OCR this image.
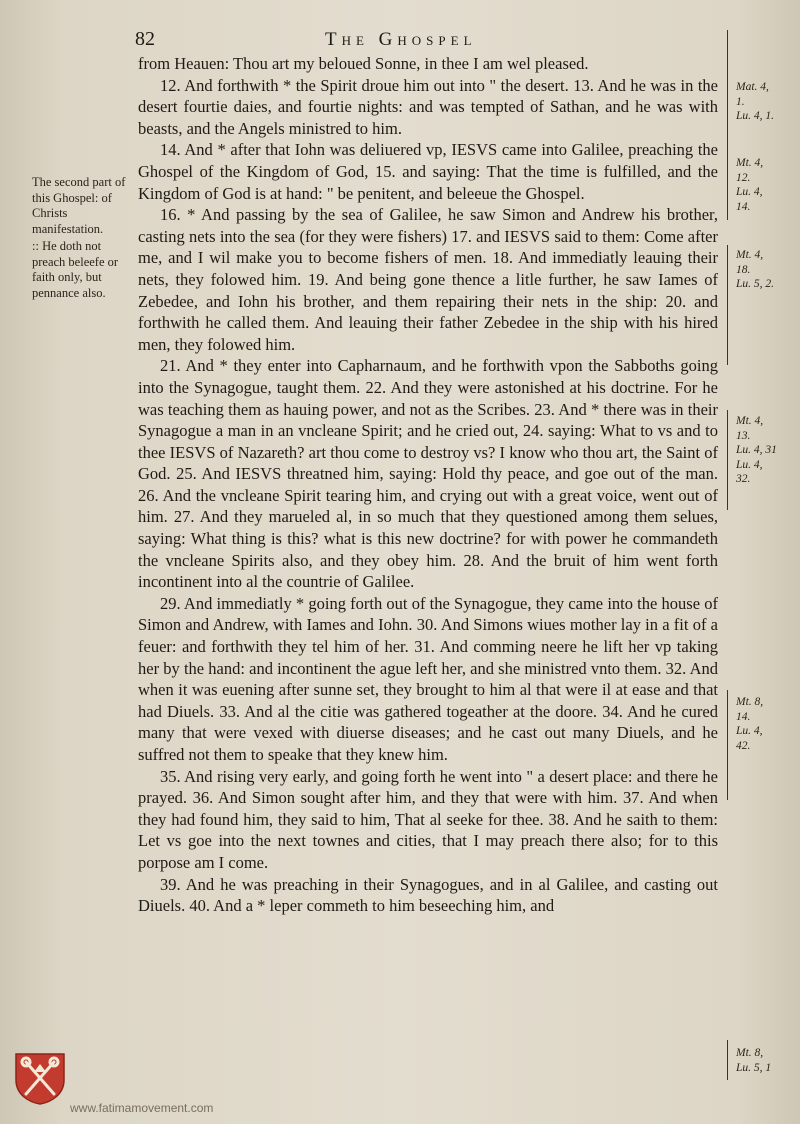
82	The Ghospel

The second part of this Ghospel: of Christs manifestation.

:: He doth not preach beleefe or faith only, but pennance also.

from Heauen: Thou art my beloued Sonne, in thee I am wel pleased.

12. And forthwith * the Spirit droue him out into " the desert. 13. And he was in the desert fourtie daies, and fourtie nights: and was tempted of Sathan, and he was with beasts, and the Angels ministred to him.

14. And * after that Iohn was deliuered vp, IESVS came into Galilee, preaching the Ghospel of the Kingdom of God, 15. and saying: That the time is fulfilled, and the Kingdom of God is at hand: " be penitent, and beleeue the Ghospel.

16. * And passing by the sea of Galilee, he saw Simon and Andrew his brother, casting nets into the sea (for they were fishers) 17. and IESVS said to them: Come after me, and I wil make you to become fishers of men. 18. And immediatly leauing their nets, they folowed him. 19. And being gone thence a litle further, he saw Iames of Zebedee, and Iohn his brother, and them repairing their nets in the ship: 20. and forthwith he called them. And leauing their father Zebedee in the ship with his hired men, they folowed him.

21. And * they enter into Capharnaum, and he forthwith vpon the Sabboths going into the Synagogue, taught them. 22. And they were astonished at his doctrine. For he was teaching them as hauing power, and not as the Scribes. 23. And * there was in their Synagogue a man in an vncleane Spirit; and he cried out, 24. saying: What to vs and to thee IESVS of Nazareth? art thou come to destroy vs? I know who thou art, the Saint of God. 25. And IESVS threatned him, saying: Hold thy peace, and goe out of the man. 26. And the vncleane Spirit tearing him, and crying out with a great voice, went out of him. 27. And they marueled al, in so much that they questioned among them selues, saying: What thing is this? what is this new doctrine? for with power he commandeth the vncleane Spirits also, and they obey him. 28. And the bruit of him went forth incontinent into al the countrie of Galilee.

29. And immediatly * going forth out of the Synagogue, they came into the house of Simon and Andrew, with Iames and Iohn. 30. And Simons wiues mother lay in a fit of a feuer: and forthwith they tel him of her. 31. And comming neere he lift her vp taking her by the hand: and incontinent the ague left her, and she ministred vnto them. 32. And when it was euening after sunne set, they brought to him al that were il at ease and that had Diuels. 33. And al the citie was gathered togeather at the doore. 34. And he cured many that were vexed with diuerse diseases; and he cast out many Diuels, and he suffred not them to speake that they knew him.

35. And rising very early, and going forth he went into " a desert place: and there he prayed. 36. And Simon sought after him, and they that were with him. 37. And when they had found him, they said to him, That al seeke for thee. 38. And he saith to them: Let vs goe into the next townes and cities, that I may preach there also; for to this porpose am I come.

39. And he was preaching in their Synagogues, and in al Galilee, and casting out Diuels. 40. And a * leper commeth to him beseeching him, and

Mat. 4,
1.
Lu. 4, 1.
Mt. 4,
12.
Lu. 4,
14.
Mt. 4,
18.
Lu. 5, 2.
Mt. 4,
13.
Lu. 4, 31
Lu. 4,
32.
Mt. 8,
14.
Lu. 4,
42.
Mt. 8,
Lu. 5, 1
www.fatimamovement.com
